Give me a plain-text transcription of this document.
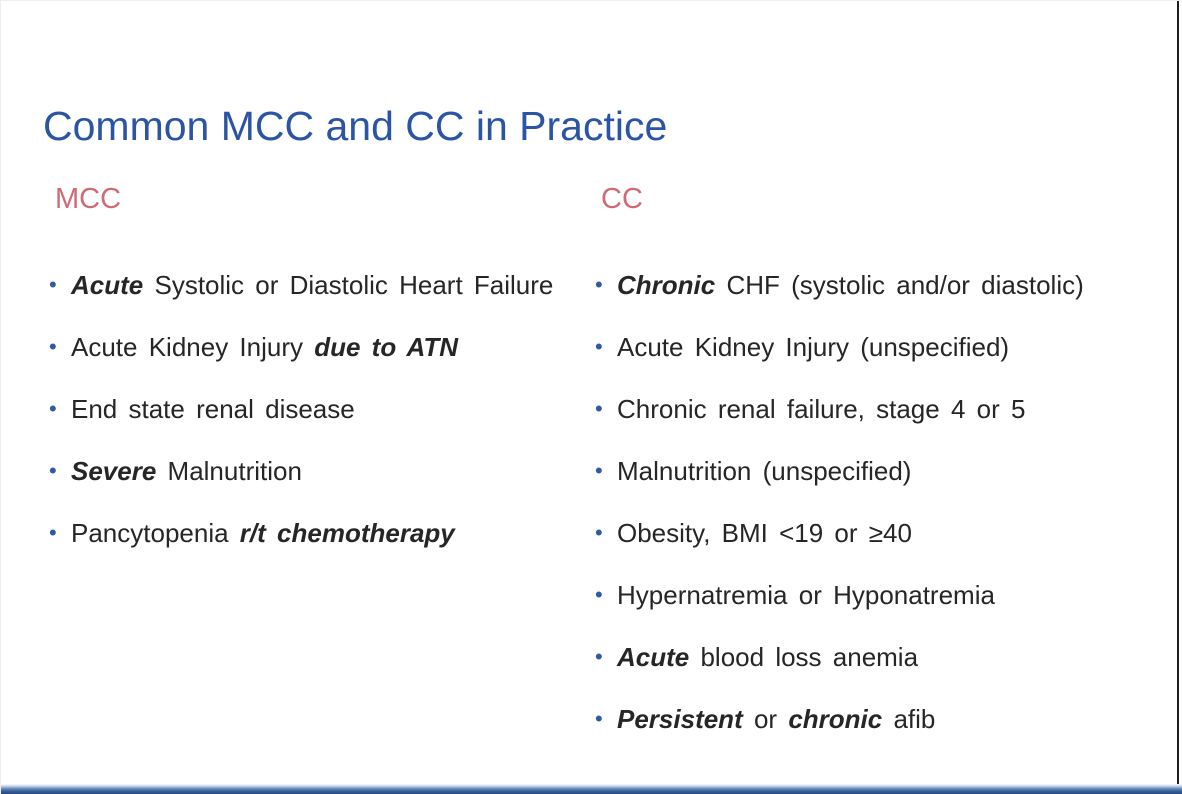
Common MCC and CC in Practice
MCC
• Acute Systolic or Diastolic Heart Failure
• Acute Kidney Injury due to ATN
• End state renal disease
• Severe Malnutrition
• Pancytopenia r/t chemotherapy
CC
• Chronic CHF (systolic and/or diastolic)
• Acute Kidney Injury (unspecified)
• Chronic renal failure, stage 4 or 5
• Malnutrition (unspecified)
• Obesity, BMI <19 or ≥40
• Hypernatremia or Hyponatremia
• Acute blood loss anemia
• Persistent or chronic afib
